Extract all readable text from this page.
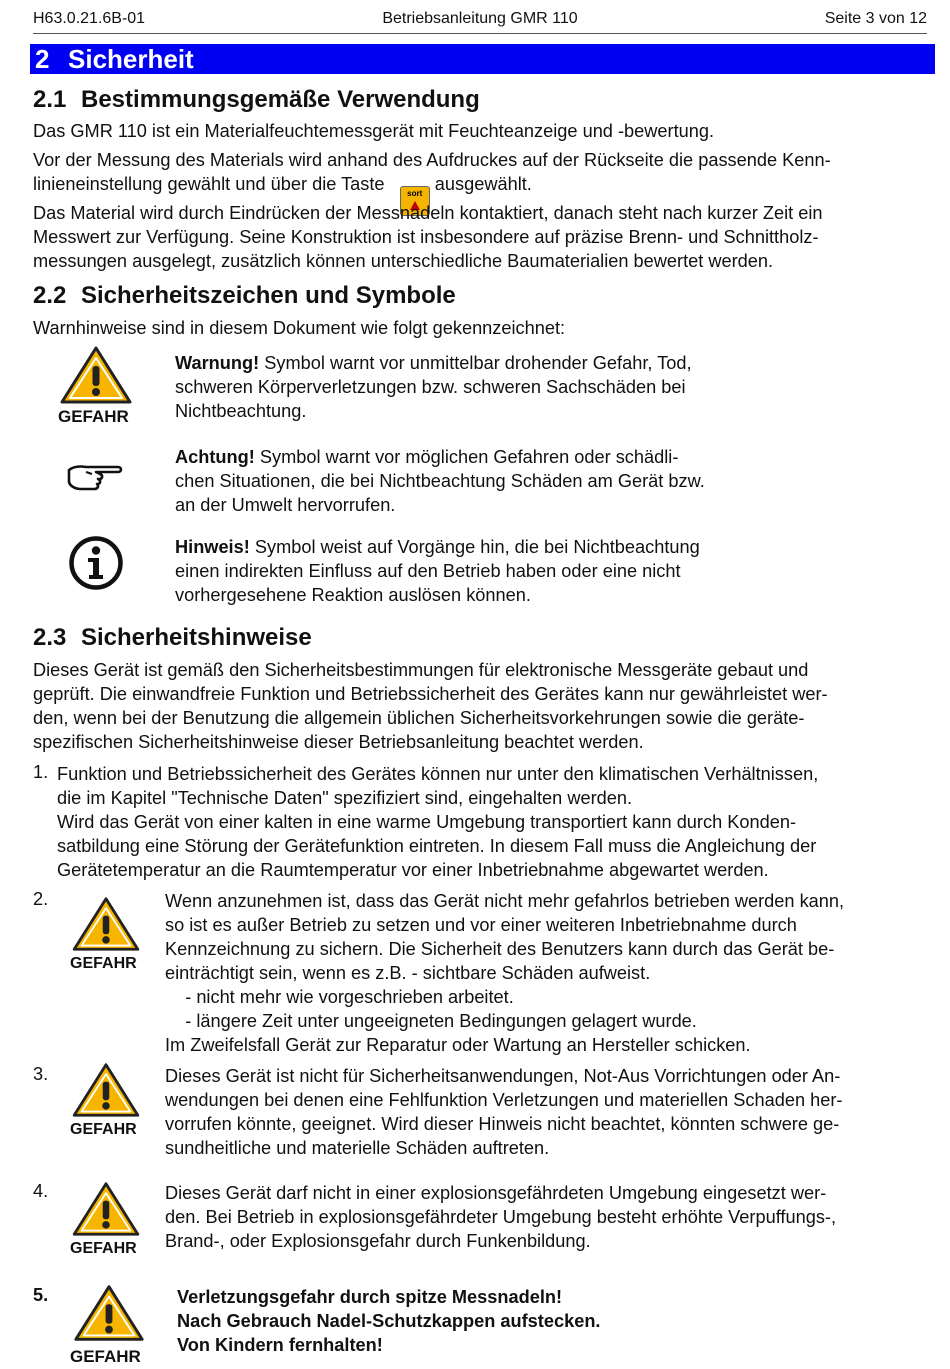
H63.0.21.6B-01	Betriebsanleitung GMR 110	Seite 3 von 12
2 Sicherheit
2.1 Bestimmungsgemäße Verwendung
Das GMR 110 ist ein Materialfeuchtemessgerät mit Feuchteanzeige und -bewertung.
Vor der Messung des Materials wird anhand des Aufdruckes auf der Rückseite die passende Kenn-
linieneinstellung gewählt und über die Taste	sort ausgewählt.
Das Material wird durch Eindrücken der Messnadeln kontaktiert, danach steht nach kurzer Zeit ein
Messwert zur Verfügung. Seine Konstruktion ist insbesondere auf präzise Brenn- und Schnittholz-
messungen ausgelegt, zusätzlich können unterschiedliche Baumaterialien bewertet werden.
2.2 Sicherheitszeichen und Symbole
Warnhinweise sind in diesem Dokument wie folgt gekennzeichnet:
GEFAHR
Warnung! Symbol warnt vor unmittelbar drohender Gefahr, Tod,
schweren Körperverletzungen bzw. schweren Sachschäden bei
Nichtbeachtung.
Achtung! Symbol warnt vor möglichen Gefahren oder schädli-
chen Situationen, die bei Nichtbeachtung Schäden am Gerät bzw.
an der Umwelt hervorrufen.
Hinweis! Symbol weist auf Vorgänge hin, die bei Nichtbeachtung
einen indirekten Einfluss auf den Betrieb haben oder eine nicht
vorhergesehene Reaktion auslösen können.
2.3 Sicherheitshinweise
Dieses Gerät ist gemäß den Sicherheitsbestimmungen für elektronische Messgeräte gebaut und
geprüft. Die einwandfreie Funktion und Betriebssicherheit des Gerätes kann nur gewährleistet wer-
den, wenn bei der Benutzung die allgemein üblichen Sicherheitsvorkehrungen sowie die geräte-
spezifischen Sicherheitshinweise dieser Betriebsanleitung beachtet werden.
1. Funktion und Betriebssicherheit des Gerätes können nur unter den klimatischen Verhältnissen,
die im Kapitel "Technische Daten" spezifiziert sind, eingehalten werden.
Wird das Gerät von einer kalten in eine warme Umgebung transportiert kann durch Konden-
satbildung eine Störung der Gerätefunktion eintreten. In diesem Fall muss die Angleichung der
Gerätetemperatur an die Raumtemperatur vor einer Inbetriebnahme abgewartet werden.
2.
GEFAHR
Wenn anzunehmen ist, dass das Gerät nicht mehr gefahrlos betrieben werden kann,
so ist es außer Betrieb zu setzen und vor einer weiteren Inbetriebnahme durch
Kennzeichnung zu sichern. Die Sicherheit des Benutzers kann durch das Gerät be-
einträchtigt sein, wenn es z.B. - sichtbare Schäden aufweist.
- nicht mehr wie vorgeschrieben arbeitet.
- längere Zeit unter ungeeigneten Bedingungen gelagert wurde.
Im Zweifelsfall Gerät zur Reparatur oder Wartung an Hersteller schicken.
3.
GEFAHR
Dieses Gerät ist nicht für Sicherheitsanwendungen, Not-Aus Vorrichtungen oder An-
wendungen bei denen eine Fehlfunktion Verletzungen und materiellen Schaden her-
vorrufen könnte, geeignet. Wird dieser Hinweis nicht beachtet, könnten schwere ge-
sundheitliche und materielle Schäden auftreten.
4.
GEFAHR
Dieses Gerät darf nicht in einer explosionsgefährdeten Umgebung eingesetzt wer-
den. Bei Betrieb in explosionsgefährdeter Umgebung besteht erhöhte Verpuffungs-,
Brand-, oder Explosionsgefahr durch Funkenbildung.
5.
GEFAHR
Verletzungsgefahr durch spitze Messnadeln!
Nach Gebrauch Nadel-Schutzkappen aufstecken.
Von Kindern fernhalten!
